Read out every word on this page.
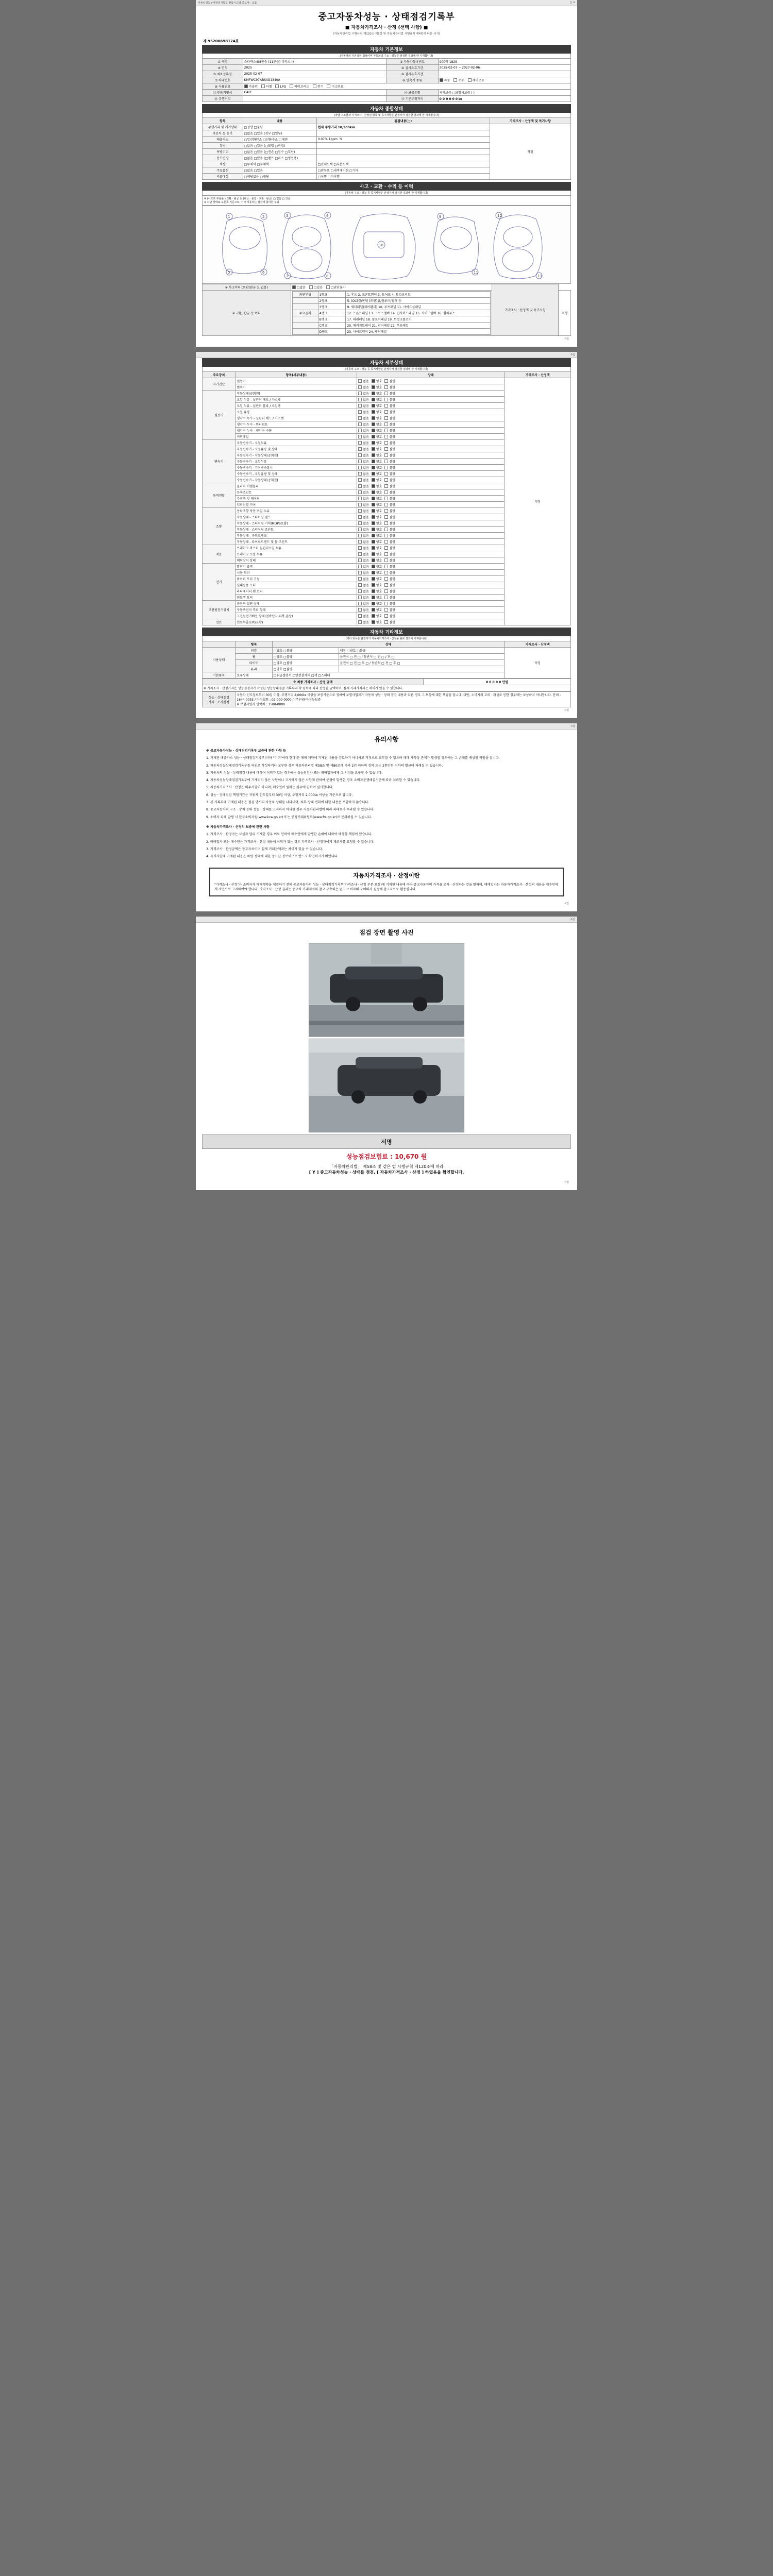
자동차성능상태점검기록부 발급시스템 중고차 - 크롬	□ ✕
중고자동차성능 · 상태점검기록부
■ 자동차가격조사 · 산정 (선택 사항) ■
(자동차관리법 시행규칙 제120조 제1항 및 자동차관리법 시행규칙 제4항에 따른 서식)
제 95200698174호
자동차 기본정보
(자동차의 기본적인 정보이며 자동차의 구조 · 성능을 점검한 결과에 한 기재합니다)
① 차명	스타렉스4(8인승 (11인승) 디럭스 ))	② 자동차등록번호	900러 1829
③ 연식	2025	④ 검사유효기간	2025-02-07 ~ 2027-02-06
⑤ 최초등록일	2025-02-07	⑥ 검사유효기간	
⑦ 차대번호	KMFWC97ABSXO1340A	⑧ 변속기 종류	자동 수동 세미오토
⑨ 사용연료	가솔린 디젤 LPG 하이브리드 전기 수소연료		
⑪ 원동기형식	G4FF	⑫ 보증유형	자가보증 □보험사보증 ( )
⑬ 주행거리		⑭ 기준주행거리	0 0 0 0 0 0 ㎞
자동차 종합상태
(차량 구조물과 가격조사 · 산정된 항목 및 특기사항은 판정자가 점검한 결과에 한 기재합니다)
항목	내용	점검내용(○)	가격조사 · 산정액 및 특기사항
주행거리 및 계기상태	□정상 □불량	현재 주행거리 10,989km	적정
자동차 등 등기	□없음 □있음 (전부 □일부)		
배출가스	□일산화탄소 □탄화수소 □매연	0.07% 1ppm. %	
튜닝	□없음 □있음 (□불법 □적법)		
특별이력	□없음 □있음 (□전손 □침수 □도난)		
용도변경	□없음 □있음 (□렌트 □리스 □영업용)		
색상	□무채색 □유채색	□전체도색 □부분도색	
주요옵션	□없음 □있음	□썬루프 □내비게이션 □기타	
리콜대상	□해당없음 □해당	□이행 □미이행	
사고 · 교환 · 수리 등 이력
(자동차 구조 · 성능 등 특기사항은 판정자가 점검한 결과에 한 기재합니다)
※ (사고로 부품을 ) 교환 · 판금 등 (판금 · 용접 · 교환 · 판금) □ 없음 □ 있음
※ 하단 상태표 오른쪽 기준으로, 기타 자동차는 점검에 참여한 부위
1	2
5	6
3	4
7	8
10
9
11
12
13
※ 사고이력 (외판/판금 요 없음)	□없음	□있음	□판단불가	가격조사 · 산정액 및 특기사항
※ 교환, 판금 등 이력	
외판부위	1랭크	1. 후드 2. 프론트휀더 3. 도어프 4. 트렁크리드
	2랭크	5. (OC)씰/판넬 (트윈)씰/플로어/필러 등
	3랭크	9. 쿼터패널(리어휀더) 10. 루프패널 11. 사이드실패널
주요골격	A랭크	12. 프론트패널 13. 크로스멤버 14. 인사이드패널 15. 사이드멤버 16. 휠하우스
	B랭크	17. 대쉬패널 18. 플로어패널 19. 트렁크플로어
	C랭크	20. 패키지트레이 21. 리어패널 22. 루프레일
	D랭크	23. 사이드멤버 24. 필러패널
	적정
수입
수입
자동차 세부상태
(자동차 구조 · 성능 등 특기사항은 판정자가 점검한 결과에 한 기재합니다)
주요장치	항목(세부내용)	상태	가격조사 · 산정액
자기진단	원동기	없음 양호 불량	적정
	변속기	없음 양호 불량	
원동기	작동상태(공회전)	없음 양호 불량	
	오일 누유 - 실린더 헤드 / 가스켓	없음 양호 불량	
	오일 누유 - 실린더 블록 / 오일팬	없음 양호 불량	
	오일 유량	없음 양호 불량	
	냉각수 누수 - 실린더 헤드 / 가스켓	없음 양호 불량	
	냉각수 누수 - 워터펌프	없음 양호 불량	
	냉각수 누수 - 냉각수 수량	없음 양호 불량	
	커먼레일	없음 양호 불량	
변속기	자동변속기 - 오일누유	없음 양호 불량	
	자동변속기 - 오일유량 및 상태	없음 양호 불량	
	자동변속기 - 작동상태(공회전)	없음 양호 불량	
	수동변속기 - 오일누유	없음 양호 불량	
	수동변속기 - 기어변속장치	없음 양호 불량	
	수동변속기 - 오일유량 및 상태	없음 양호 불량	
	수동변속기 - 작동상태(공회전)	없음 양호 불량	
동력전달	클러치 어셈블리	없음 양호 불량	
	등속조인트	없음 양호 불량	
	추진축 및 베어링	없음 양호 불량	
	디퍼런셜 기어	없음 양호 불량	
조향	동력조향 작동 오일 누유	없음 양호 불량	
	작동상태 - 스티어링 펌프	없음 양호 불량	
	작동상태 - 스티어링 기어(MDPS포함)	없음 양호 불량	
	작동상태 - 스티어링 조인트	없음 양호 불량	
	작동상태 - 파워크랭크	없음 양호 불량	
	작동상태 - 타이로드엔드 및 볼 조인트	없음 양호 불량	
제동	브레이크 마스터 실린더오일 누유	없음 양호 불량	
	브레이크 오일 누유	없음 양호 불량	
	배력장치 상태	없음 양호 불량	
전기	발전기 출력	없음 양호 불량	
	시동 모터	없음 양호 불량	
	와이퍼 모터 기능	없음 양호 불량	
	실내송풍 모터	없음 양호 불량	
	라디에이터 팬 모터	없음 양호 불량	
	윈도우 모터	없음 양호 불량	
고전원전기장치	충전구 절연 상태	없음 양호 불량	
	구동축전지 격리 상태	없음 양호 불량	
	고전원전기배선 상태(접속단자,피복,손상)	없음 양호 불량	
연료	연료누출(LPG포함)	없음 양호 불량	
자동차 기타정보
(기타 항목은 판정자가 자동차가격조사 · 산정을 완료 결과에 기재합니다)
	항목	상태		가격조사 · 산정액
사용상태	외장	□양호 □불량	내장 □양호 □불량	적정
	휠	□양호 □불량	운전석 □ 전 □ / 동반석 □ 전 □ / 후 □	
	타이어	□양호 □불량	운전석 □ 전 □ 후 □ / 동반석 □ 전 □ 후 □	
	유리	□양호 □불량		
기본품목	보유상태	□취급설명서 □안전삼각대 □잭 □스패너		
※ 최종 가격조사 · 산정 금액	0 0 0 0 0 만원
※ 가격조사 · 산정가격은 성능점검자가 작성한 성능상태점검 기록부의 각 항목에 따라 산정한 금액이며, 실제 거래가격과는 차이가 있을 수 있습니다.
성능 · 상태점검
가격 · 조사산정

자동차 인도일로부터 30일 이상, 주행거리 2,000㎞ 이상을 보증기준으로 정하여 보험사업자가 자동차 성능 · 상태 점검 내용과 다른 경우 그 보상에 대한 책임을 집니다. 다만, 소비자의 고의 · 과실로 인한 경우에는 보상하지 아니합니다. 문의 : 1644-0033 / 다정협회 : 02-000-0000 / (주)자동차성능보증
※ 보험사업자 연락처 : 1588-0000
수입
수입
유의사항

※ 중고자동차성능 · 상태점검기록부 보증에 관한 사항 등

1. 기재된 배출가스 성능 · 상태점검기록부(이하 "이력"이라 한다)은 매매 계약에 기재된 내용을 검토하기 아니하고 거짓으로 교부할 수 없으며 매매 계약상 관계가 발생할 경우에는 그 손해를 배상할 책임을 집니다.

2. 자동차성능상태점검기록부를 허위로 작성하거나 교부한 경우 자동차관리법 제58조 및 제80조에 따라 2년 이하의 징역 또는 2천만원 이하의 벌금에 처해질 수 있습니다.

3. 자동차의 성능 · 상태점검 내용에 대하여 이의가 있는 경우에는 성능점검자 또는 매매업자에게 그 시정을 요구할 수 있습니다.

4. 자동차성능상태점검기록부에 기재되지 않은 사항이나 고지하지 않은 사항에 관하여 분쟁이 발생한 경우 소비자분쟁해결기준에 따라 처리할 수 있습니다.

5. 자동차가격조사 · 산정은 의무사항이 아니며, 매수인이 원하는 경우에 한하여 실시합니다.

6. 성능 · 상태점검 책임기간은 자동차 인도일부터 30일 이상, 주행거리 2,000㎞ 이상을 기준으로 합니다.

7. 본 기록부에 기재된 내용은 점검 당시의 자동차 상태를 나타내며, 차후 상태 변화에 대한 내용은 포함하지 않습니다.

8. 중고자동차의 구조 · 장치 등의 성능 · 상태를 고지하지 아니한 경우 자동차관리법에 따라 과태료가 부과될 수 있습니다.

9. 소비자 피해 발생 시 한국소비자원(www.kca.go.kr) 또는 공정거래위원회(www.ftc.go.kr)로 문의하실 수 있습니다.

※ 자동차가격조사 · 산정의 보증에 관한 사항

1. 가격조사 · 산정자는 사실과 달리 기재한 경우 이로 인하여 매수인에게 발생한 손해에 대하여 배상할 책임이 있습니다.

2. 매매업자 또는 매수인은 가격조사 · 산정 내용에 이의가 있는 경우 가격조사 · 산정자에게 재조사를 요청할 수 있습니다.

3. 가격조사 · 산정금액은 참고자료이며 실제 거래금액과는 차이가 있을 수 있습니다.

4. 특기사항에 기재된 내용은 차량 상태에 대한 중요한 정보이므로 반드시 확인하시기 바랍니다.

자동차가격조사 · 산정이란
"가격조사 · 산정"은 소비자가 매매계약을 체결하기 전에 중고자동차의 성능 · 상태점검기록부(가격조사 · 산정 부분 포함)에 기재된 내용에 따라 중고자동차의 가격을 조사 · 산정하는 것을 말하며, 매매업자는 자동차가격조사 · 산정의 내용을 매수인에게 서면으로 고지하여야 합니다. 가격조사 · 산정 결과는 중고차 거래에서의 참고 구속력은 없고 소비자의 구매의사 결정에 참고자료로 활용됩니다.
수입
수입
점검 장면 촬영 사진
서명
성능점검보험료 : 10,670 원
「자동차관리법」 제58조 및 같은 법 시행규칙 제120조에 따라
[ Y ] 중고자동차성능 · 상태를 점검, [ 자동차가격조사 · 산정 ] 하였음을 확인합니다.
수입
